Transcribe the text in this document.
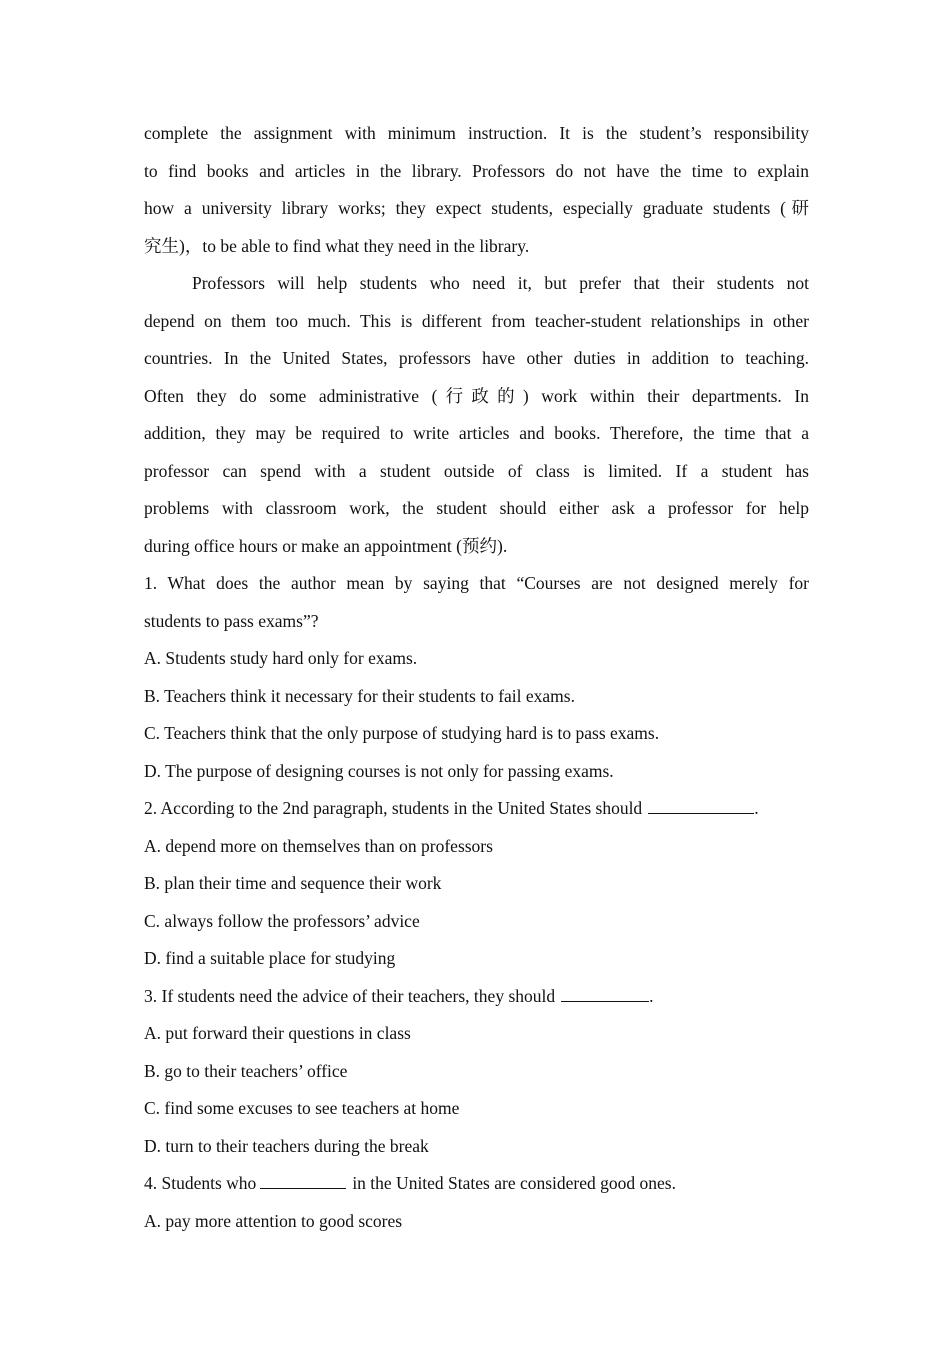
complete the assignment with minimum instruction. It is the student’s responsibility
to find books and articles in the library. Professors do not have the time to explain
how a university library works; they expect students, especially graduate students (研
究生)，to be able to find what they need in the library.
Professors will help students who need it, but prefer that their students not
depend on them too much. This is different from teacher-student relationships in other
countries. In the United States, professors have other duties in addition to teaching.
Often they do some administrative (行政的) work within their departments. In
addition, they may be required to write articles and books. Therefore, the time that a
professor can spend with a student outside of class is limited. If a student has
problems with classroom work, the student should either ask a professor for help
during office hours or make an appointment (预约).
1. What does the author mean by saying that “Courses are not designed merely for
students to pass exams”?
A. Students study hard only for exams.
B. Teachers think it necessary for their students to fail exams.
C. Teachers think that the only purpose of studying hard is to pass exams.
D. The purpose of designing courses is not only for passing exams.
2. According to the 2nd paragraph, students in the United States should	.
A. depend more on themselves than on professors
B. plan their time and sequence their work
C. always follow the professors’ advice
D. find a suitable place for studying
3. If students need the advice of their teachers, they should	.
A. put forward their questions in class
B. go to their teachers’ office
C. find some excuses to see teachers at home
D. turn to their teachers during the break
4. Students who	in the United States are considered good ones.
A. pay more attention to good scores
